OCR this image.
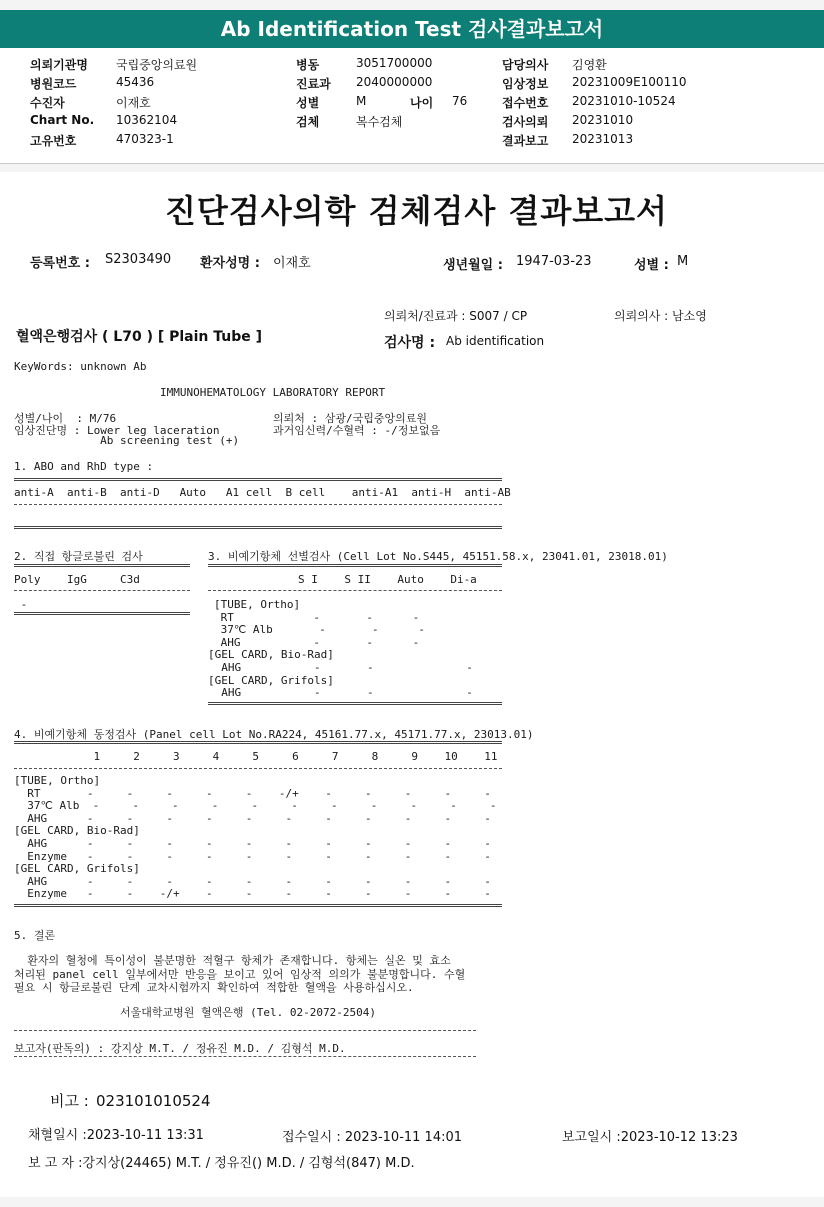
Ab Identification Test 검사결과보고서
의뢰기관명 국립중앙의료원
병원코드	45436
수진자	이재호
Chart No. 10362104
고유번호	470323-1
병동	3051700000
진료과 2040000000
성별	M
검체	복수검체
나이 76
담당의사 김영환
임상정보 20231009E100110
접수번호 20231010-10524
검사의뢰 20231010
결과보고 20231013
진단검사의학 검체검사 결과보고서
등록번호 : S2303490 환자성명 : 이재호	생년월일 : 1947-03-23	성별 : M
의뢰처/진료과 : S007 / CP	의뢰의사 : 남소영
혈액은행검사 ( L70 ) [ Plain Tube ]	검사명 : Ab identification
KeyWords: unknown Ab
IMMUNOHEMATOLOGY LABORATORY REPORT
성별/나이  : M/76
임상진단명 : Lower leg laceration
Ab screening test (+)
의뢰처 : 삼광/국립중앙의료원
과거임신력/수혈력 : -/정보없음
1. ABO and RhD type :
anti-A  anti-B  anti-D   Auto   A1 cell  B cell    anti-A1  anti-H  anti-AB
2. 직접 항글로불린 검사
Poly    IgG     C3d
-
3. 비예기항체 선별검사 (Cell Lot No.S445, 45151.58.x, 23041.01, 23018.01)
S I    S II    Auto    Di-a
[TUBE, Ortho]
RT            -       -      -
37℃ Alb       -       -      -
AHG           -       -      -
[GEL CARD, Bio-Rad]
AHG           -       -              -
[GEL CARD, Grifols]
AHG           -       -              -
4. 비예기항체 동정검사 (Panel cell Lot No.RA224, 45161.77.x, 45171.77.x, 23013.01)
1     2     3     4     5     6     7     8     9    10    11
[TUBE, Ortho]
RT       -     -     -     -     -    -/+    -     -     -     -     -
37℃ Alb  -     -     -     -     -     -     -     -     -     -     -
AHG      -     -     -     -     -     -     -     -     -     -     -
[GEL CARD, Bio-Rad]
AHG      -     -     -     -     -     -     -     -     -     -     -
Enzyme   -     -     -     -     -     -     -     -     -     -     -
[GEL CARD, Grifols]
AHG      -     -     -     -     -     -     -     -     -     -     -
Enzyme   -     -    -/+    -     -     -     -     -     -     -     -
5. 결론
환자의 혈청에 특이성이 불분명한 적혈구 항체가 존재합니다. 항체는 실온 및 효소
처리된 panel cell 일부에서만 반응을 보이고 있어 임상적 의의가 불분명합니다. 수혈
필요 시 항글로불린 단계 교차시험까지 확인하여 적합한 혈액을 사용하십시오.
서울대학교병원 혈액은행 (Tel. 02-2072-2504)
보고자(판독의) : 강지상 M.T. / 정유진 M.D. / 김형석 M.D.
비고 : 023101010524
채혈일시 :2023-10-11 13:31	접수일시 : 2023-10-11 14:01	보고일시 :2023-10-12 13:23
보 고 자 :강지상(24465) M.T. / 정유진() M.D. / 김형석(847) M.D.
